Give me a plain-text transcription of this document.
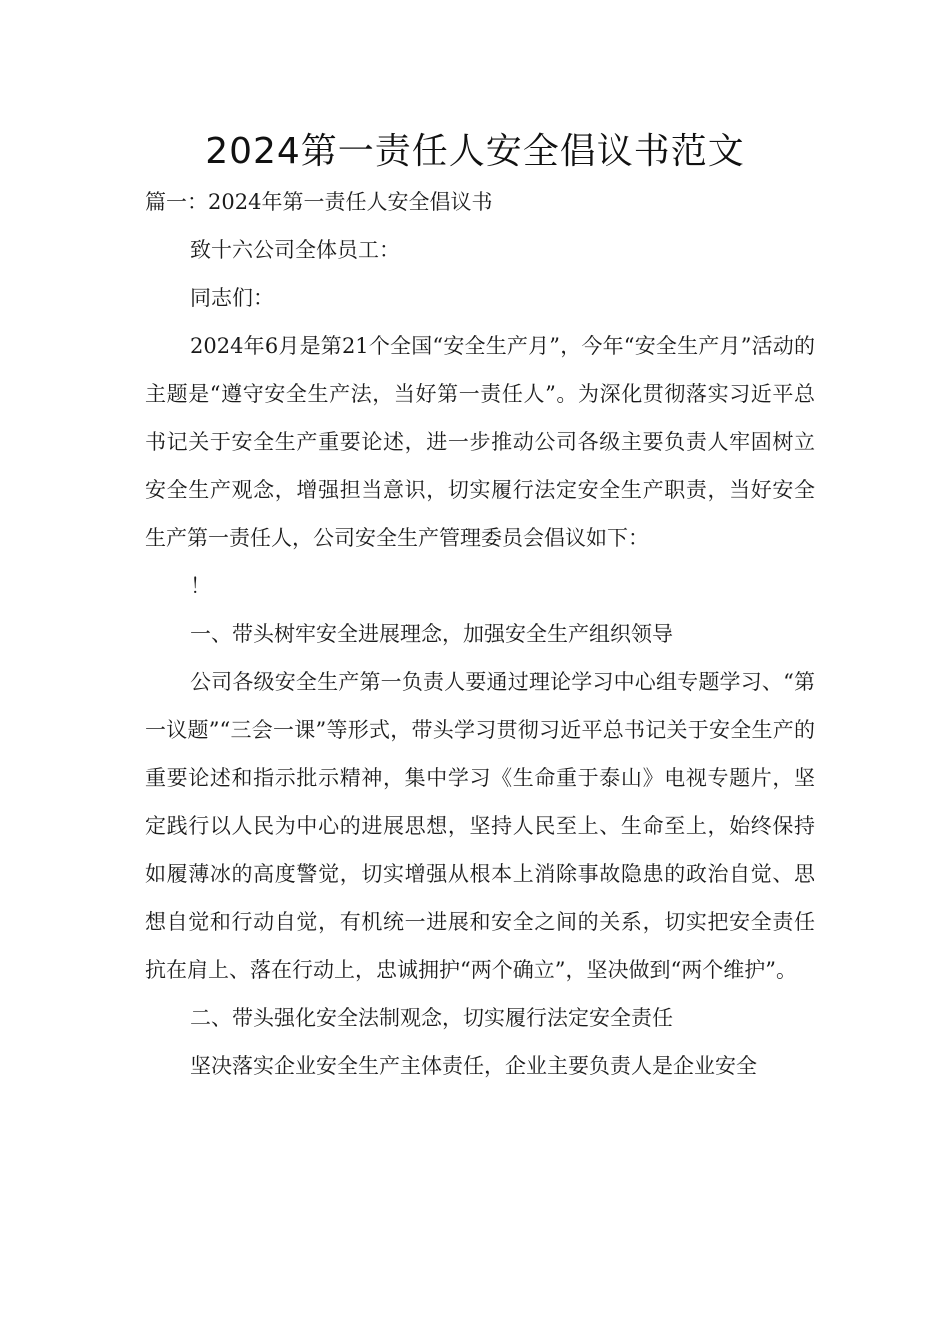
2024第一责任人安全倡议书范文

篇一：2024年第一责任人安全倡议书

致十六公司全体员工：

同志们：

2024年6月是第21个全国“安全生产月”，今年“安全生产月”活动的主题是“遵守安全生产法，当好第一责任人”。为深化贯彻落实习近平总书记关于安全生产重要论述，进一步推动公司各级主要负责人牢固树立安全生产观念，增强担当意识，切实履行法定安全生产职责，当好安全生产第一责任人，公司安全生产管理委员会倡议如下：

！

一、带头树牢安全进展理念，加强安全生产组织领导

公司各级安全生产第一负责人要通过理论学习中心组专题学习、“第一议题”“三会一课”等形式，带头学习贯彻习近平总书记关于安全生产的重要论述和指示批示精神，集中学习《生命重于泰山》电视专题片，坚定践行以人民为中心的进展思想，坚持人民至上、生命至上，始终保持如履薄冰的高度警觉，切实增强从根本上消除事故隐患的政治自觉、思想自觉和行动自觉，有机统一进展和安全之间的关系，切实把安全责任抗在肩上、落在行动上，忠诚拥护“两个确立”，坚决做到“两个维护”。

二、带头强化安全法制观念，切实履行法定安全责任

坚决落实企业安全生产主体责任，企业主要负责人是企业安全
